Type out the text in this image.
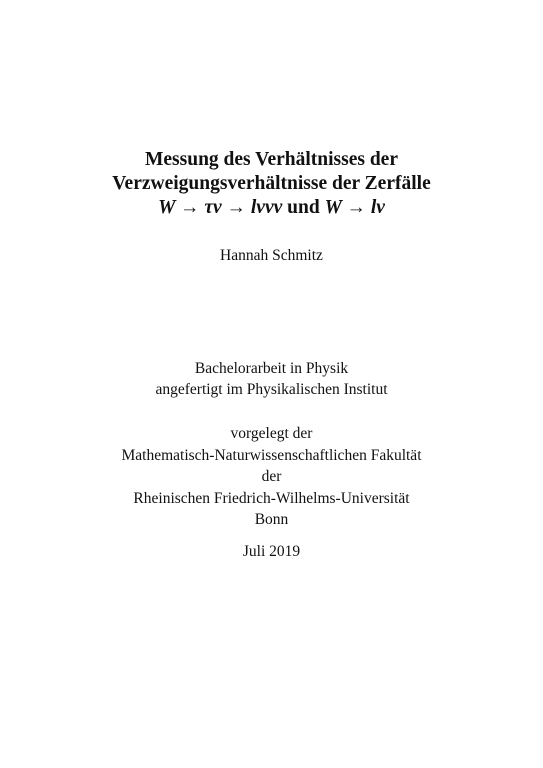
Messung des Verhältnisses der
Verzweigungsverhältnisse der Zerfälle
W → τν → lννν und W → lν
Hannah Schmitz
Bachelorarbeit in Physik
angefertigt im Physikalischen Institut
vorgelegt der
Mathematisch-Naturwissenschaftlichen Fakultät
der
Rheinischen Friedrich-Wilhelms-Universität
Bonn
Juli 2019
